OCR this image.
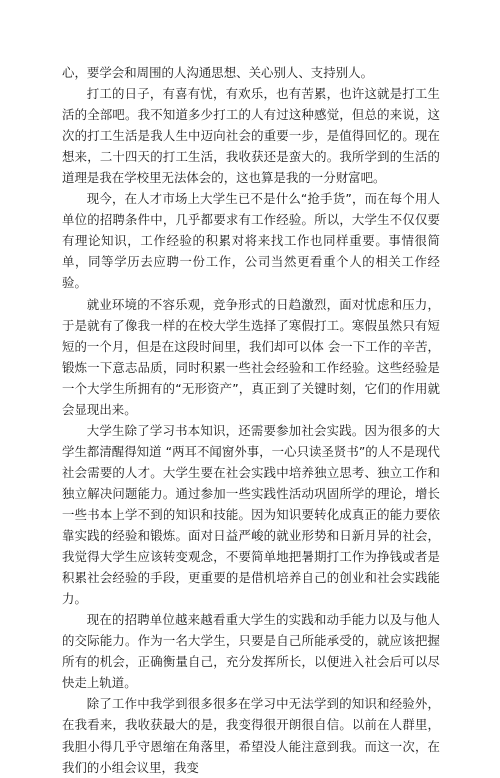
心，要学会和周围的人沟通思想、关心别人、支持别人。

打工的日子，有喜有忧，有欢乐，也有苦累，也许这就是打工生活的全部吧。我不知道多少打工的人有过这种感觉，但总的来说，这次的打工生活是我人生中迈向社会的重要一步，是值得回忆的。现在想来，二十四天的打工生活，我收获还是蛮大的。我所学到的生活的道理是我在学校里无法体会的，这也算是我的一分财富吧。

现今，在人才市场上大学生已不是什么“抢手货”，而在每个用人单位的招聘条件中，几乎都要求有工作经验。所以，大学生不仅仅要有理论知识，工作经验的积累对将来找工作也同样重要。事情很简单，同等学历去应聘一份工作，公司当然更看重个人的相关工作经验。

就业环境的不容乐观，竞争形式的日趋激烈，面对忧虑和压力，于是就有了像我一样的在校大学生选择了寒假打工。寒假虽然只有短短的一个月，但是在这段时间里，我们却可以体 会一下工作的辛苦，锻炼一下意志品质，同时积累一些社会经验和工作经验。这些经验是一个大学生所拥有的“无形资产”，真正到了关键时刻，它们的作用就会显现出来。

大学生除了学习书本知识，还需要参加社会实践。因为很多的大学生都清醒得知道 “两耳不闻窗外事，一心只读圣贤书”的人不是现代社会需要的人才。大学生要在社会实践中培养独立思考、独立工作和独立解决问题能力。通过参加一些实践性活动巩固所学的理论，增长一些书本上学不到的知识和技能。因为知识要转化成真正的能力要依靠实践的经验和锻炼。面对日益严峻的就业形势和日新月异的社会，我觉得大学生应该转变观念，不要简单地把暑期打工作为挣钱或者是积累社会经验的手段，更重要的是借机培养自己的创业和社会实践能力。

现在的招聘单位越来越看重大学生的实践和动手能力以及与他人的交际能力。作为一名大学生，只要是自己所能承受的，就应该把握所有的机会，正确衡量自己，充分发挥所长，以便进入社会后可以尽快走上轨道。

除了工作中我学到很多很多在学习中无法学到的知识和经验外，在我看来，我收获最大的是，我变得很开朗很自信。以前在人群里，我胆小得几乎守恩缩在角落里，希望没人能注意到我。而这一次，在我们的小组会议里，我变
